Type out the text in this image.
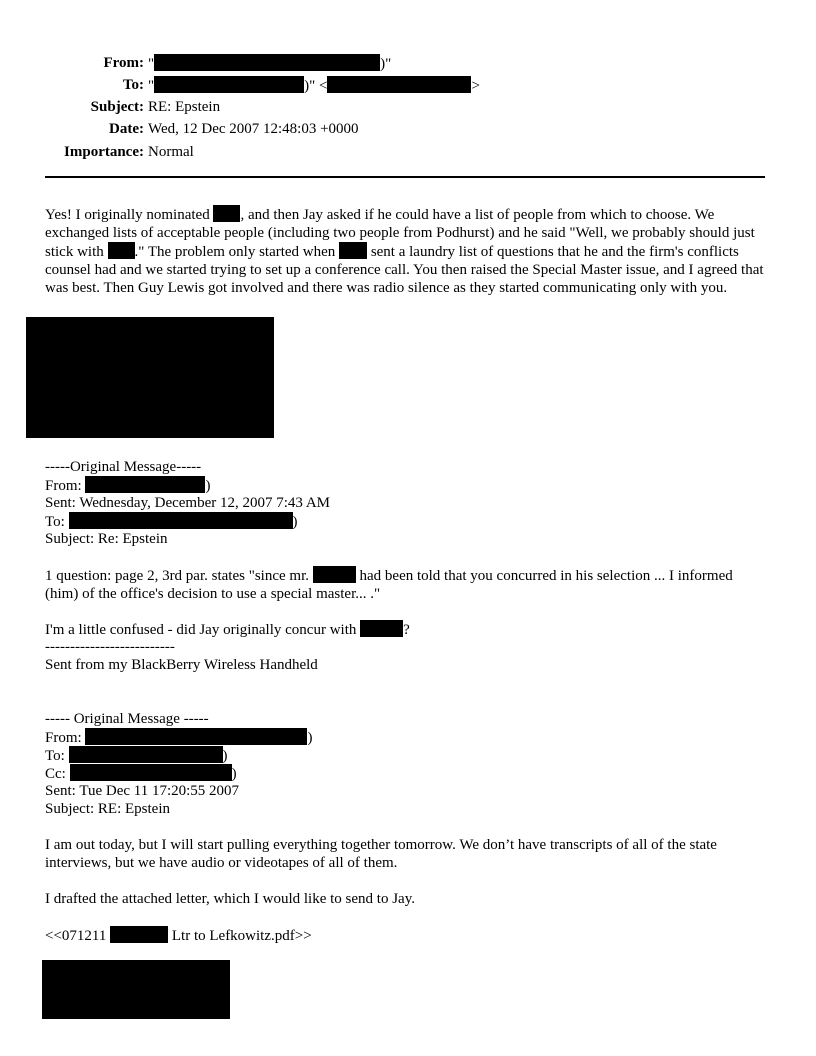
From: "	)"
To: "	)" <	>
Subject: RE: Epstein
Date: Wed, 12 Dec 2007 12:48:03 +0000
Importance: Normal
Yes! I originally nominated , and then Jay asked if he could have a list of people from which to choose. We exchanged lists of acceptable people (including two people from Podhurst) and he said "Well, we probably should just stick with ." The problem only started when sent a laundry list of questions that he and the firm's conflicts counsel had and we started trying to set up a conference call. You then raised the Special Master issue, and I agreed that was best. Then Guy Lewis got involved and there was radio silence as they started communicating only with you.
-----Original Message-----
From:	)
Sent: Wednesday, December 12, 2007 7:43 AM
To:	)
Subject: Re: Epstein
1 question: page 2, 3rd par. states "since mr.	had been told that you concurred in his selection ... I informed (him) of the office's decision to use a special master... ."
I'm a little confused - did Jay originally concur with	?
--------------------------
Sent from my BlackBerry Wireless Handheld
----- Original Message -----
From:	)
To:	)
Cc:	)
Sent: Tue Dec 11 17:20:55 2007
Subject: RE: Epstein
I am out today, but I will start pulling everything together tomorrow. We don’t have transcripts of all of the state interviews, but we have audio or videotapes of all of them.
I drafted the attached letter, which I would like to send to Jay.
<<071211	Ltr to Lefkowitz.pdf>>
